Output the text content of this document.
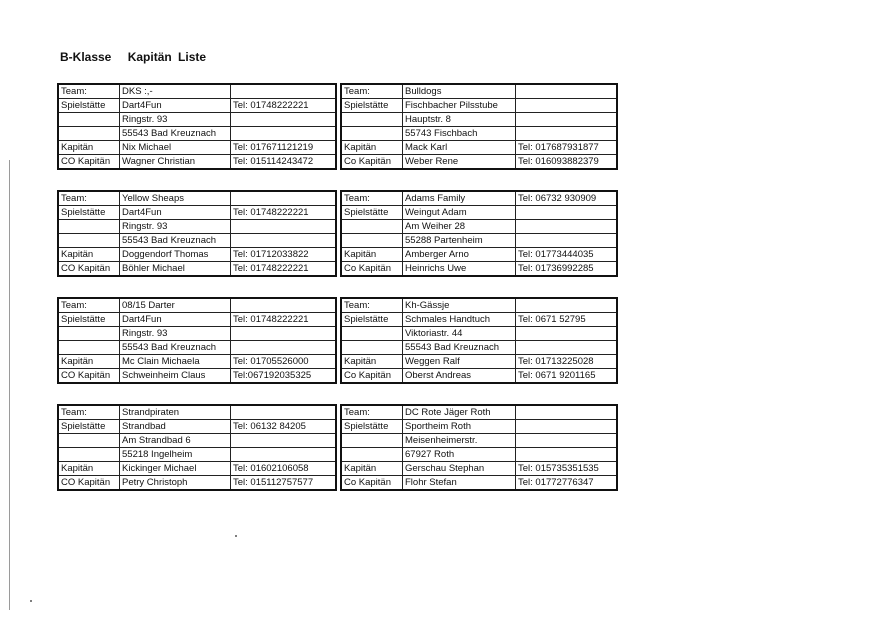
B-Klasse Kapitän Liste
Team:	DKS :,-	
Spielstätte	Dart4Fun	Tel: 01748222221
	Ringstr. 93	
	55543 Bad Kreuznach	
Kapitän	Nix Michael	Tel: 017671121219
CO Kapitän	Wagner Christian	Tel: 015114243472
Team:	Bulldogs	
Spielstätte	Fischbacher Pilsstube	
	Hauptstr. 8	
	55743 Fischbach	
Kapitän	Mack Karl	Tel: 017687931877
Co Kapitän	Weber Rene	Tel: 016093882379
Team:	Yellow Sheaps	
Spielstätte	Dart4Fun	Tel: 01748222221
	Ringstr. 93	
	55543 Bad Kreuznach	
Kapitän	Doggendorf Thomas	Tel: 01712033822
CO Kapitän	Böhler Michael	Tel: 01748222221
Team:	Adams Family	Tel: 06732 930909
Spielstätte	Weingut Adam	
	Am Weiher 28	
	55288 Partenheim	
Kapitän	Amberger Arno	Tel: 01773444035
Co Kapitän	Heinrichs Uwe	Tel: 01736992285
Team:	08/15 Darter	
Spielstätte	Dart4Fun	Tel: 01748222221
	Ringstr. 93	
	55543 Bad Kreuznach	
Kapitän	Mc Clain Michaela	Tel: 01705526000
CO Kapitän	Schweinheim Claus	Tel:067192035325
Team:	Kh-Gässje	
Spielstätte	Schmales Handtuch	Tel: 0671 52795
	Viktoriastr. 44	
	55543 Bad Kreuznach	
Kapitän	Weggen Ralf	Tel: 01713225028
Co Kapitän	Oberst Andreas	Tel: 0671 9201165
Team:	Strandpiraten	
Spielstätte	Strandbad	Tel: 06132 84205
	Am Strandbad 6	
	55218 Ingelheim	
Kapitän	Kickinger Michael	Tel: 01602106058
CO Kapitän	Petry Christoph	Tel: 015112757577
Team:	DC Rote Jäger Roth	
Spielstätte	Sportheim Roth	
	Meisenheimerstr.	
	67927 Roth	
Kapitän	Gerschau Stephan	Tel: 015735351535
Co Kapitän	Flohr Stefan	Tel: 01772776347
